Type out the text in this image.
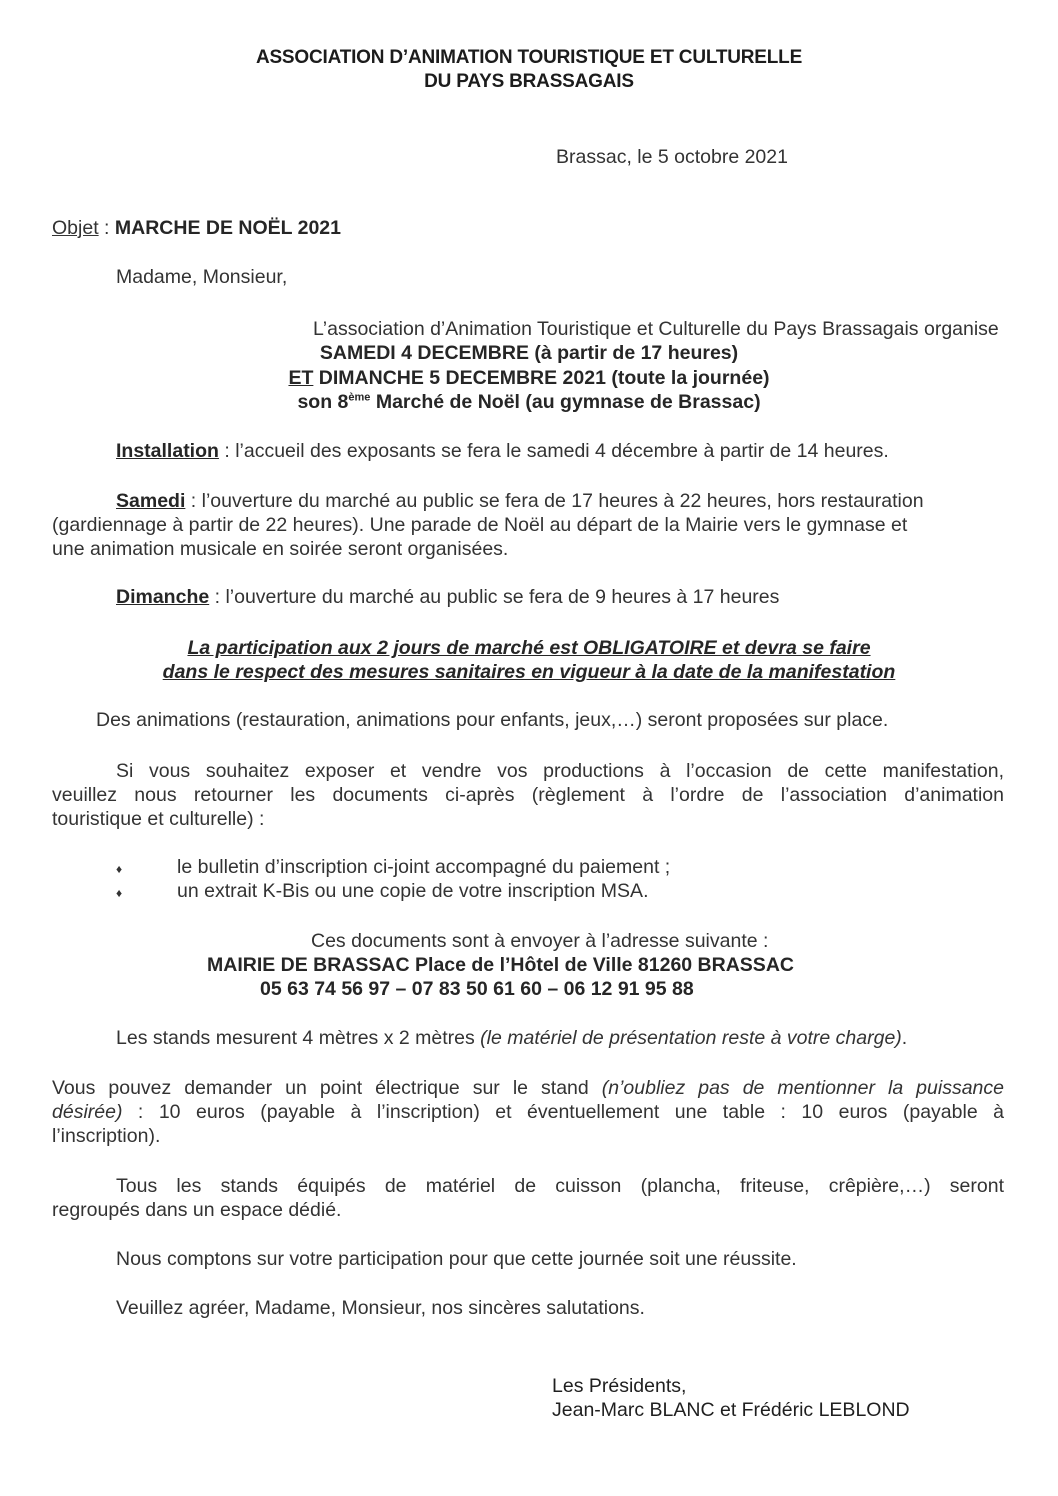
ASSOCIATION D’ANIMATION TOURISTIQUE ET CULTURELLE
DU PAYS BRASSAGAIS
Brassac, le 5 octobre 2021
Objet : MARCHE DE NOËL 2021
Madame, Monsieur,
L’association d’Animation Touristique et Culturelle du Pays Brassagais organise
SAMEDI 4 DECEMBRE (à partir de 17 heures)
ET DIMANCHE 5 DECEMBRE 2021 (toute la journée)
son 8ème Marché de Noël (au gymnase de Brassac)
Installation : l’accueil des exposants se fera le samedi 4 décembre à partir de 14 heures.
Samedi : l’ouverture du marché au public se fera de 17 heures à 22 heures, hors restauration
(gardiennage à partir de 22 heures). Une parade de Noël au départ de la Mairie vers le gymnase et
une animation musicale en soirée seront organisées.
Dimanche : l’ouverture du marché au public se fera de 9 heures à 17 heures
La participation aux 2 jours de marché est OBLIGATOIRE et devra se faire
dans le respect des mesures sanitaires en vigueur à la date de la manifestation
Des animations (restauration, animations pour enfants, jeux,…) seront proposées sur place.
Si vous souhaitez exposer et vendre vos productions à l’occasion de cette manifestation,
veuillez nous retourner les documents ci-après (règlement à l’ordre de l’association d’animation
touristique et culturelle) :
♦	le bulletin d’inscription ci-joint accompagné du paiement ;
♦	un extrait K-Bis ou une copie de votre inscription MSA.
Ces documents sont à envoyer à l’adresse suivante :
MAIRIE DE BRASSAC Place de l’Hôtel de Ville 81260 BRASSAC
05 63 74 56 97 – 07 83 50 61 60 – 06 12 91 95 88
Les stands mesurent 4 mètres x 2 mètres (le matériel de présentation reste à votre charge).
Vous pouvez demander un point électrique sur le stand (n’oubliez pas de mentionner la puissance
désirée) : 10 euros (payable à l’inscription) et éventuellement une table : 10 euros (payable à
l’inscription).
Tous les stands équipés de matériel de cuisson (plancha, friteuse, crêpière,…) seront
regroupés dans un espace dédié.
Nous comptons sur votre participation pour que cette journée soit une réussite.
Veuillez agréer, Madame, Monsieur, nos sincères salutations.
Les Présidents,
Jean-Marc BLANC et Frédéric LEBLOND
